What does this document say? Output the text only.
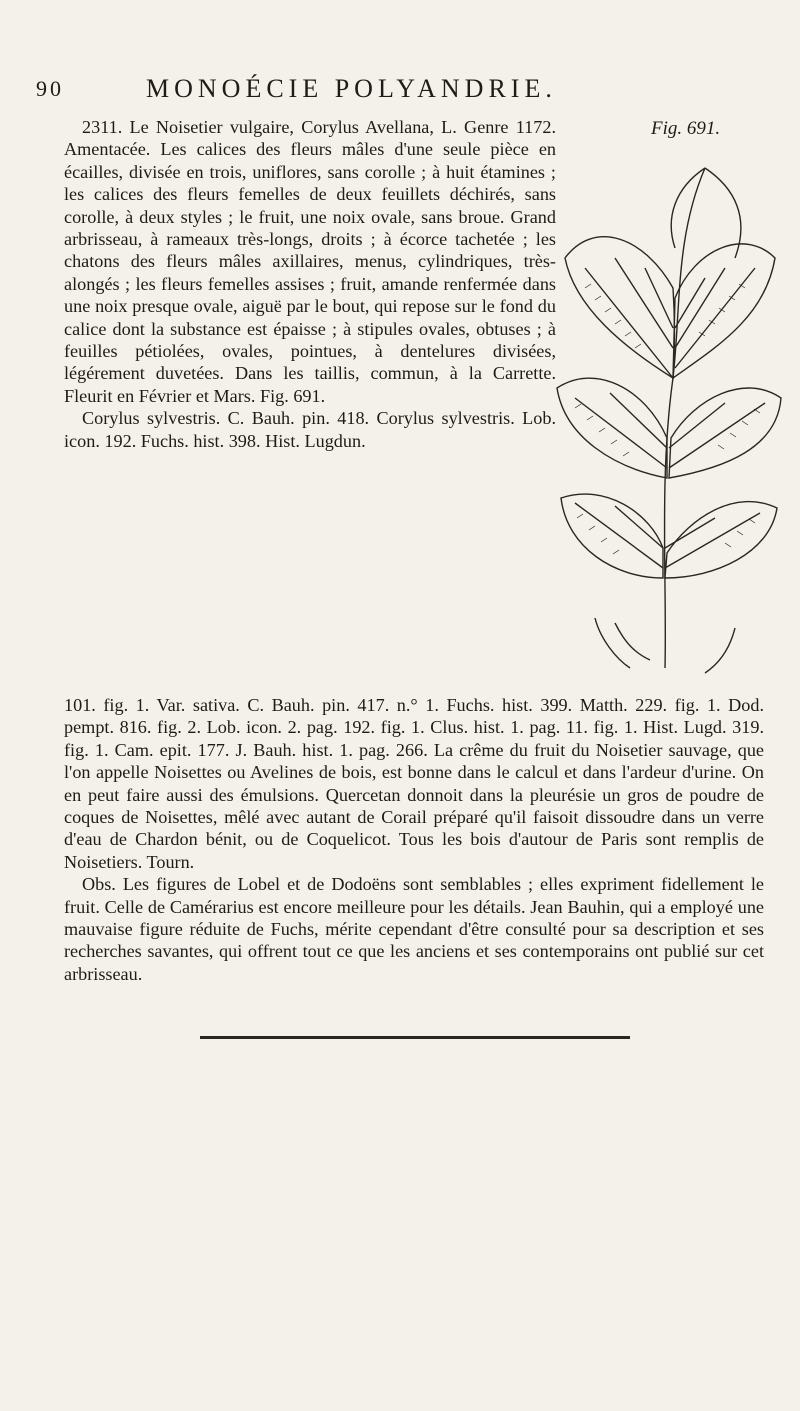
90	MONOÉCIE POLYANDRIE.
Fig. 691.

2311. Le Noisetier vulgaire, Corylus Avellana, L. Genre 1172. Amentacée. Les calices des fleurs mâles d'une seule pièce en écailles, divisée en trois, uniflores, sans corolle ; à huit étamines ; les calices des fleurs femelles de deux feuillets déchirés, sans corolle, à deux styles ; le fruit, une noix ovale, sans broue. Grand arbrisseau, à rameaux très-longs, droits ; à écorce tachetée ; les chatons des fleurs mâles axillaires, menus, cylindriques, très-alongés ; les fleurs femelles assises ; fruit, amande renfermée dans une noix presque ovale, aiguë par le bout, qui repose sur le fond du calice dont la substance est épaisse ; à stipules ovales, obtuses ; à feuilles pétiolées, ovales, pointues, à dentelures divisées, légérement duvetées. Dans les taillis, commun, à la Carrette. Fleurit en Février et Mars. Fig. 691.

Corylus sylvestris. C. Bauh. pin. 418. Corylus sylvestris. Lob. icon. 192. Fuchs. hist. 398. Hist. Lugdun.

101. fig. 1. Var. sativa. C. Bauh. pin. 417. n.° 1. Fuchs. hist. 399. Matth. 229. fig. 1. Dod. pempt. 816. fig. 2. Lob. icon. 2. pag. 192. fig. 1. Clus. hist. 1. pag. 11. fig. 1. Hist. Lugd. 319. fig. 1. Cam. epit. 177. J. Bauh. hist. 1. pag. 266. La crême du fruit du Noisetier sauvage, que l'on appelle Noisettes ou Avelines de bois, est bonne dans le calcul et dans l'ardeur d'urine. On en peut faire aussi des émulsions. Quercetan donnoit dans la pleurésie un gros de poudre de coques de Noisettes, mêlé avec autant de Corail préparé qu'il faisoit dissoudre dans un verre d'eau de Chardon bénit, ou de Coquelicot. Tous les bois d'autour de Paris sont remplis de Noisetiers. Tourn.

Obs. Les figures de Lobel et de Dodoëns sont semblables ; elles expriment fidellement le fruit. Celle de Camérarius est encore meilleure pour les détails. Jean Bauhin, qui a employé une mauvaise figure réduite de Fuchs, mérite cependant d'être consulté pour sa description et ses recherches savantes, qui offrent tout ce que les anciens et ses contemporains ont publié sur cet arbrisseau.
